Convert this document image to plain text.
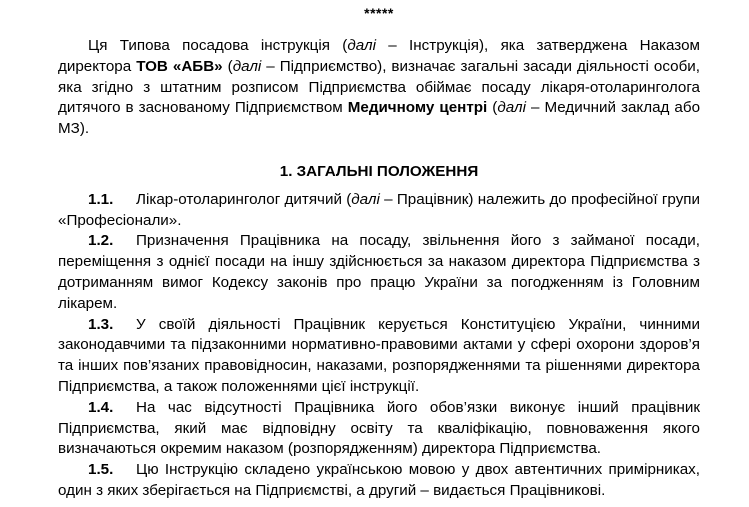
*****

Ця Типова посадова інструкція (далі – Інструкція), яка затверджена Наказом директора ТОВ «АБВ» (далі – Підприємство), визначає загальні засади діяльності особи, яка згідно з штатним розписом Підприємства обіймає посаду лікаря-отоларинголога дитячого в заснованому Підприємством Медичному центрі (далі – Медичний заклад або МЗ).

1. ЗАГАЛЬНІ ПОЛОЖЕННЯ

1.1. Лікар-отоларинголог дитячий (далі – Працівник) належить до професійної групи «Професіонали».

1.2. Призначення Працівника на посаду, звільнення його з займаної посади, переміщення з однієї посади на іншу здійснюється за наказом директора Підприємства з дотриманням вимог Кодексу законів про працю України за погодженням із Головним лікарем.

1.3. У своїй діяльності Працівник керується Конституцією України, чинними законодавчими та підзаконними нормативно-правовими актами у сфері охорони здоров’я та інших пов’язаних правовідносин, наказами, розпорядженнями та рішеннями директора Підприємства, а також положеннями цієї інструкції.

1.4. На час відсутності Працівника його обов’язки виконує інший працівник Підприємства, який має відповідну освіту та кваліфікацію, повноваження якого визначаються окремим наказом (розпорядженням) директора Підприємства.

1.5. Цю Інструкцію складено українською мовою у двох автентичних примірниках, один з яких зберігається на Підприємстві, а другий – видається Працівникові.
